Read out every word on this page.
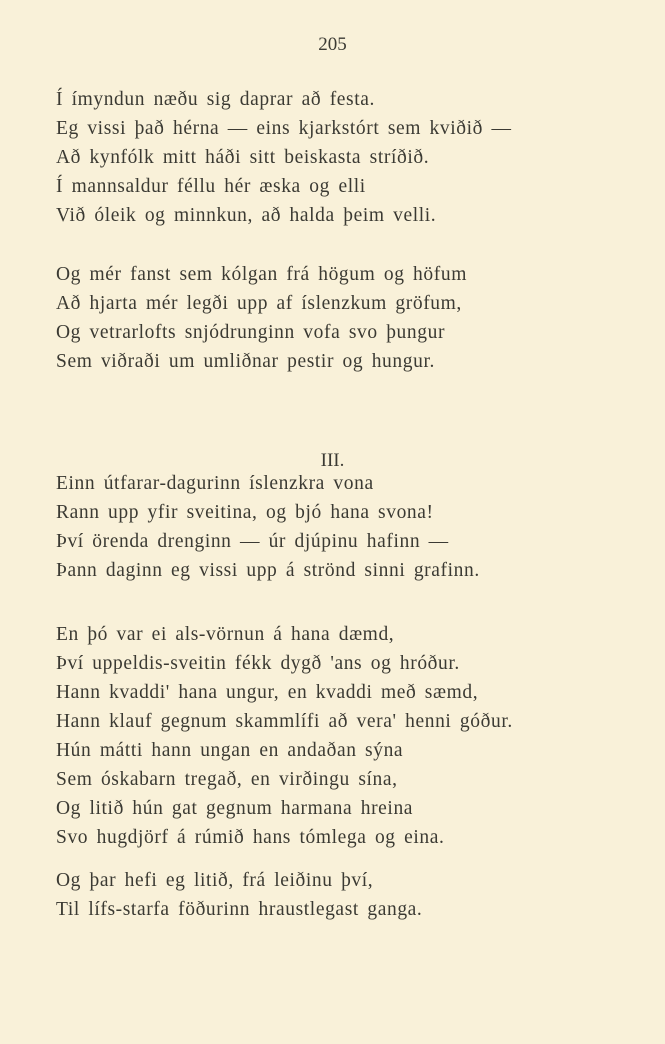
205
Í ímyndun næðu sig daprar að festa.
Eg vissi það hérna — eins kjarkstórt sem kviðið —
Að kynfólk mitt háði sitt beiskasta stríðið.
Í mannsaldur féllu hér æska og elli
Við óleik og minnkun, að halda þeim velli.
Og mér fanst sem kólgan frá högum og höfum
Að hjarta mér legði upp af íslenzkum gröfum,
Og vetrarlofts snjódrunginn vofa svo þungur
Sem viðraði um umliðnar pestir og hungur.
III.
Einn útfarar-dagurinn íslenzkra vona
Rann upp yfir sveitina, og bjó hana svona!
Því örenda drenginn — úr djúpinu hafinn —
Þann daginn eg vissi upp á strönd sinni grafinn.
En þó var ei als-vörnun á hana dæmd,
Því uppeldis-sveitin fékk dygð 'ans og hróður.
Hann kvaddi' hana ungur, en kvaddi með sæmd,
Hann klauf gegnum skammlífi að vera' henni góður.
Hún mátti hann ungan en andaðan sýna
Sem óskabarn tregað, en virðingu sína,
Og litið hún gat gegnum harmana hreina
Svo hugdjörf á rúmið hans tómlega og eina.
Og þar hefi eg litið, frá leiðinu því,
Til lífs-starfa föðurinn hraustlegast ganga.
